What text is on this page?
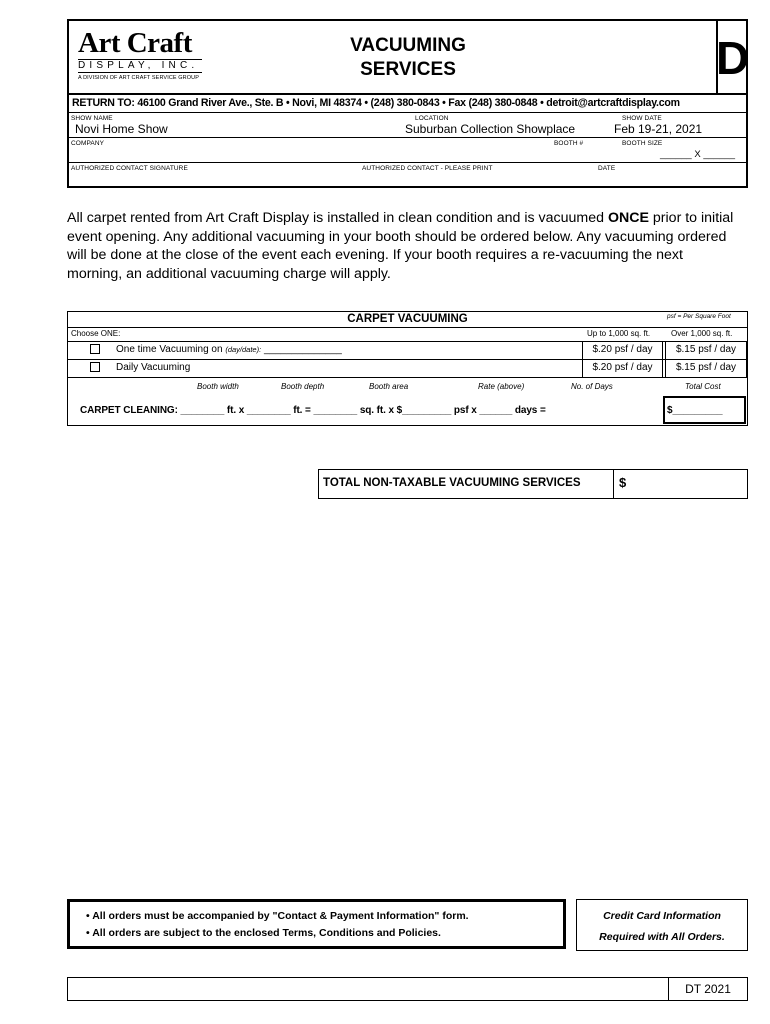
Art Craft
DISPLAY, INC.
A DIVISION OF ART CRAFT SERVICE GROUP
VACUUMING
SERVICES	D
RETURN TO: 46100 Grand River Ave., Ste. B • Novi, MI 48374 • (248) 380-0843 • Fax (248) 380-0848 • detroit@artcraftdisplay.com
SHOW NAME
Novi Home Show
LOCATION
Suburban Collection Showplace
SHOW DATE
Feb 19-21, 2021
COMPANY	BOOTH #	BOOTH SIZE
______ X ______
AUTHORIZED CONTACT SIGNATURE	AUTHORIZED CONTACT - PLEASE PRINT	DATE
All carpet rented from Art Craft Display is installed in clean condition and is vacuumed ONCE prior to initial event opening. Any additional vacuuming in your booth should be ordered below. Any vacuuming ordered will be done at the close of the event each evening. If your booth requires a re-vacuuming the next morning, an additional vacuuming charge will apply.
CARPET VACUUMING	psf = Per Square Foot
Choose ONE:	Up to 1,000 sq. ft.	Over 1,000 sq. ft.
One time Vacuuming on (day/date): ______________	$.20 psf / day	$.15 psf / day
Daily Vacuuming	$.20 psf / day	$.15 psf / day
Booth width	Booth depth	Booth area	Rate (above)	No. of Days	Total Cost
CARPET CLEANING: ________ ft. x ________ ft. = ________ sq. ft. x $_________ psf x ______ days =	$_________
TOTAL NON-TAXABLE VACUUMING SERVICES	$
• All orders must be accompanied by "Contact & Payment Information" form.
• All orders are subject to the enclosed Terms, Conditions and Policies.
Credit Card Information
Required with All Orders.
DT 2021
